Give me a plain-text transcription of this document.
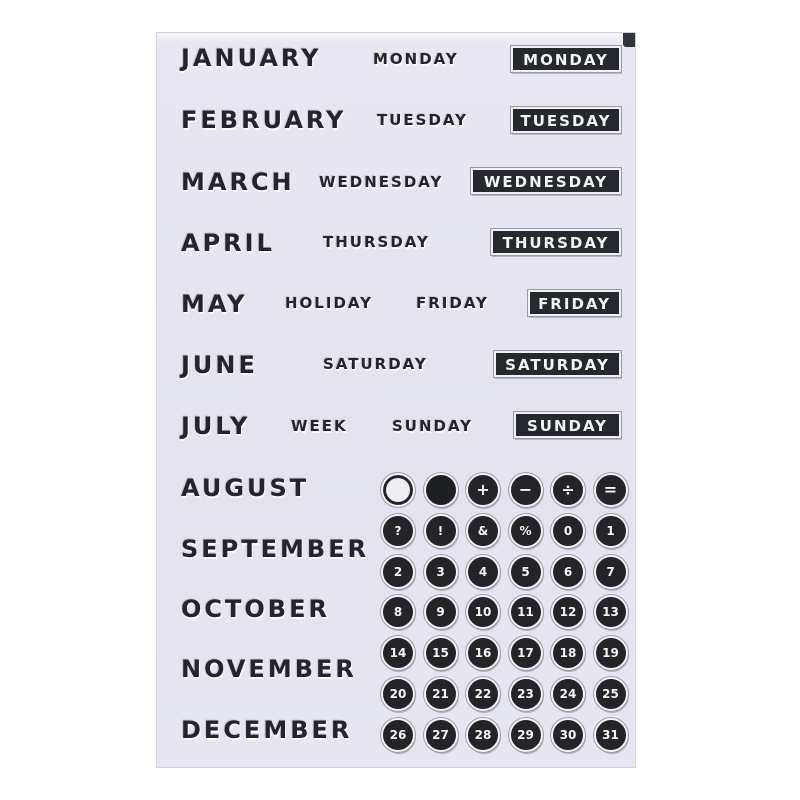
JANUARY
FEBRUARY
MARCH
APRIL
MAY
JUNE
JULY
AUGUST
SEPTEMBER
OCTOBER
NOVEMBER
DECEMBER
MONDAY
TUESDAY
WEDNESDAY
THURSDAY
HOLIDAY	FRIDAY
SATURDAY
WEEK	SUNDAY
MONDAY
TUESDAY
WEDNESDAY
THURSDAY
FRIDAY
SATURDAY
SUNDAY
+	−	÷	=
?	!	&	%	0	1
2	3	4	5	6	7
8	9	10	11	12	13
14	15	16	17	18	19
20	21	22	23	24	25
26	27	28	29	30	31
